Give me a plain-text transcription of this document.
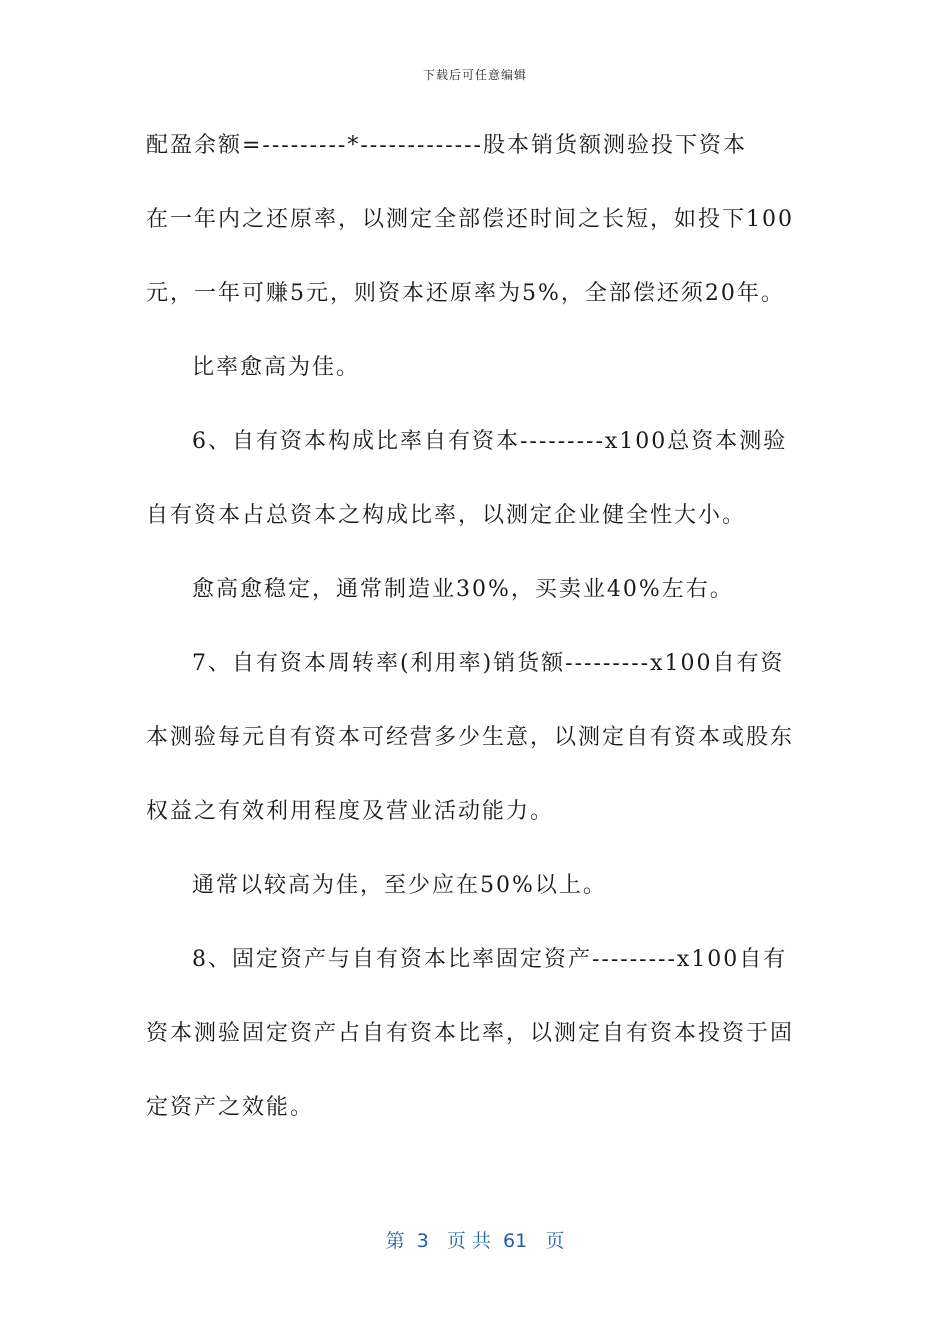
下载后可任意编辑
配盈余额=---------*-------------股本销货额测验投下资本
在一年内之还原率，以测定全部偿还时间之长短，如投下100
元，一年可赚5元，则资本还原率为5%，全部偿还须20年。
比率愈高为佳。
6、自有资本构成比率自有资本---------x100总资本测验
自有资本占总资本之构成比率，以测定企业健全性大小。
愈高愈稳定，通常制造业30%，买卖业40%左右。
7、自有资本周转率(利用率)销货额---------x100自有资
本测验每元自有资本可经营多少生意，以测定自有资本或股东
权益之有效利用程度及营业活动能力。
通常以较高为佳，至少应在50%以上。
8、固定资产与自有资本比率固定资产---------x100自有
资本测验固定资产占自有资本比率，以测定自有资本投资于固
定资产之效能。
第  3   页 共  61   页
